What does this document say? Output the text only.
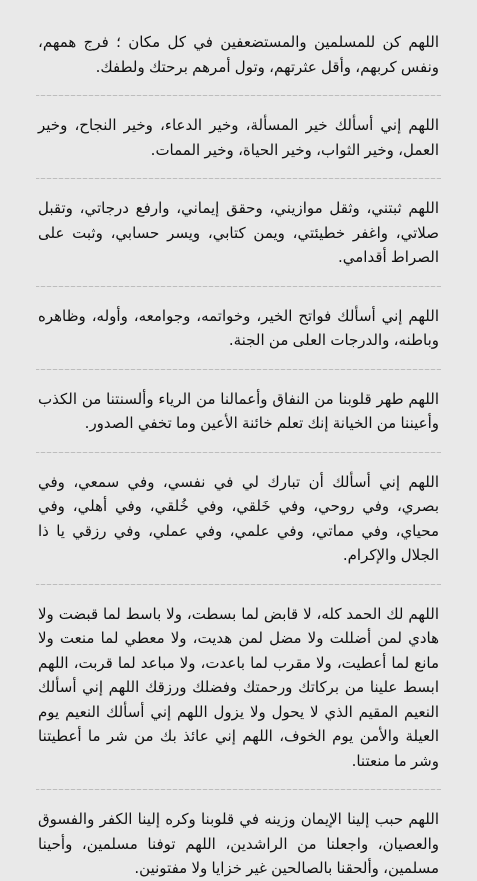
اللهم كن للمسلمين والمستضعفين في كل مكان ؛ فرج همهم، ونفس كربهم، وأقل عثرتهم، وتول أمرهم برحتك ولطفك.

اللهم إني أسألك خير المسألة، وخير الدعاء، وخير النجاح، وخير العمل، وخير الثواب، وخير الحياة، وخير الممات.

اللهم ثبتني، وثقل موازيني، وحقق إيماني، وارفع درجاتي، وتقبل صلاتي، واغفر خطيئتي، ويمن كتابي، ويسر حسابي، وثبت على الصراط أقدامي.

اللهم إني أسألك فواتح الخير، وخواتمه، وجوامعه، وأوله، وظاهره وباطنه، والدرجات العلى من الجنة.

اللهم طهر قلوبنا من النفاق وأعمالنا من الرياء وألسنتنا من الكذب وأعيننا من الخيانة إنك تعلم خائنة الأعين وما تخفي الصدور.

اللهم إني أسألك أن تبارك لي في نفسي، وفي سمعي، وفي بصري، وفي روحي، وفي خَلقي، وفي خُلقي، وفي أهلي، وفي محياي، وفي مماتي، وفي علمي، وفي عملي، وفي رزقي يا ذا الجلال والإكرام.

اللهم لك الحمد كله، لا قابض لما بسطت، ولا باسط لما قبضت ولا هادي لمن أضللت ولا مضل لمن هديت، ولا معطي لما منعت ولا مانع لما أعطيت، ولا مقرب لما باعدت، ولا مباعد لما قربت، اللهم ابسط علينا من بركاتك ورحمتك وفضلك ورزقك اللهم إني أسألك النعيم المقيم الذي لا يحول ولا يزول اللهم إني أسألك النعيم يوم العيلة والأمن يوم الخوف، اللهم إني عائذ بك من شر ما أعطيتنا وشر ما منعتنا.

اللهم حبب إلينا الإيمان وزينه في قلوبنا وكره إلينا الكفر والفسوق والعصيان، واجعلنا من الراشدين، اللهم توفنا مسلمين، وأحينا مسلمين، وألحقنا بالصالحين غير خزايا ولا مفتونين.
